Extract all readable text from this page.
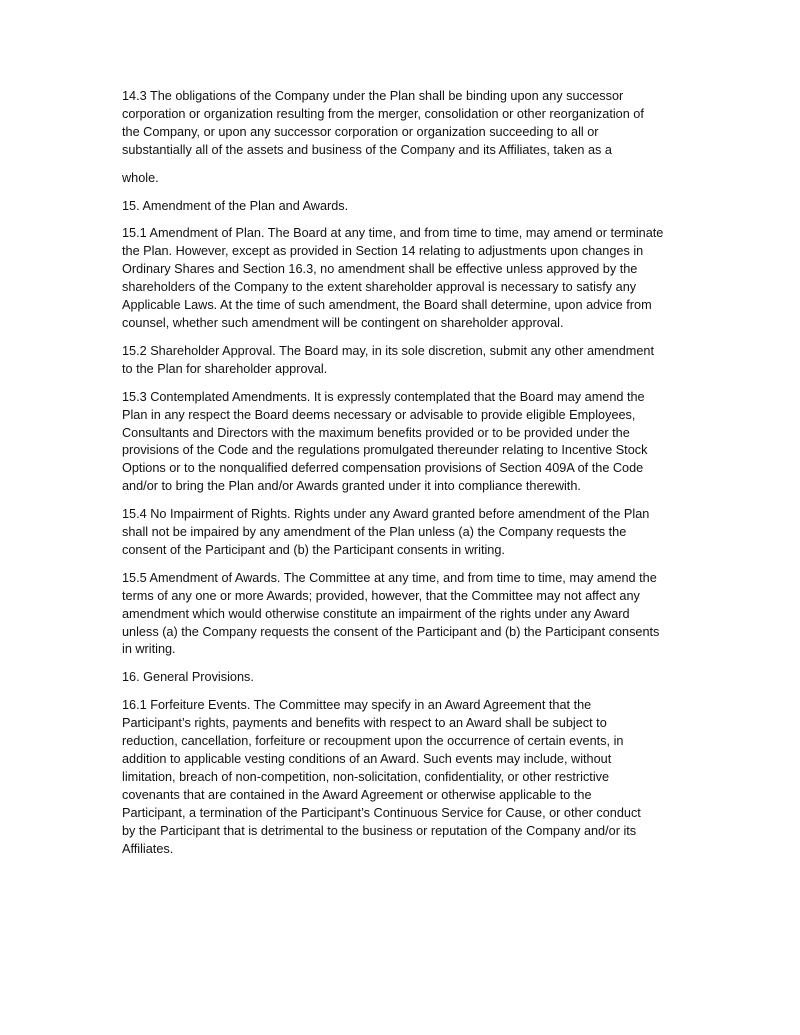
14.3 The obligations of the Company under the Plan shall be binding upon any successor
corporation or organization resulting from the merger, consolidation or other reorganization of
the Company, or upon any successor corporation or organization succeeding to all or
substantially all of the assets and business of the Company and its Affiliates, taken as a

whole.

15. Amendment of the Plan and Awards.

15.1 Amendment of Plan. The Board at any time, and from time to time, may amend or terminate
the Plan. However, except as provided in Section 14 relating to adjustments upon changes in
Ordinary Shares and Section 16.3, no amendment shall be effective unless approved by the
shareholders of the Company to the extent shareholder approval is necessary to satisfy any
Applicable Laws. At the time of such amendment, the Board shall determine, upon advice from
counsel, whether such amendment will be contingent on shareholder approval.

15.2 Shareholder Approval. The Board may, in its sole discretion, submit any other amendment
to the Plan for shareholder approval.

15.3 Contemplated Amendments. It is expressly contemplated that the Board may amend the
Plan in any respect the Board deems necessary or advisable to provide eligible Employees,
Consultants and Directors with the maximum benefits provided or to be provided under the
provisions of the Code and the regulations promulgated thereunder relating to Incentive Stock
Options or to the nonqualified deferred compensation provisions of Section 409A of the Code
and/or to bring the Plan and/or Awards granted under it into compliance therewith.

15.4 No Impairment of Rights. Rights under any Award granted before amendment of the Plan
shall not be impaired by any amendment of the Plan unless (a) the Company requests the
consent of the Participant and (b) the Participant consents in writing.

15.5 Amendment of Awards. The Committee at any time, and from time to time, may amend the
terms of any one or more Awards; provided, however, that the Committee may not affect any
amendment which would otherwise constitute an impairment of the rights under any Award
unless (a) the Company requests the consent of the Participant and (b) the Participant consents
in writing.

16. General Provisions.

16.1 Forfeiture Events. The Committee may specify in an Award Agreement that the
Participant’s rights, payments and benefits with respect to an Award shall be subject to
reduction, cancellation, forfeiture or recoupment upon the occurrence of certain events, in
addition to applicable vesting conditions of an Award. Such events may include, without
limitation, breach of non-competition, non-solicitation, confidentiality, or other restrictive
covenants that are contained in the Award Agreement or otherwise applicable to the
Participant, a termination of the Participant’s Continuous Service for Cause, or other conduct
by the Participant that is detrimental to the business or reputation of the Company and/or its
Affiliates.
